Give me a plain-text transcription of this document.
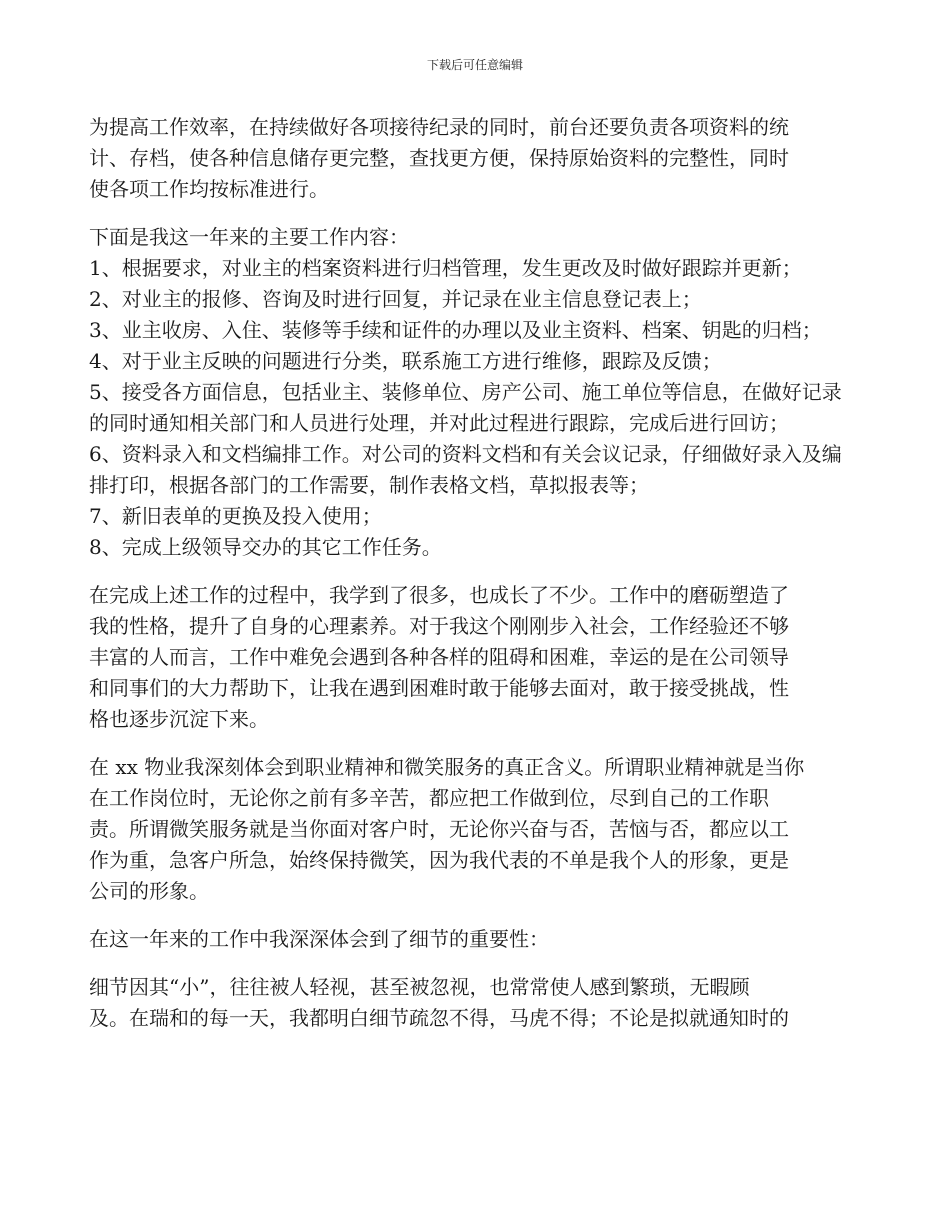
下载后可任意编辑

为提高工作效率，在持续做好各项接待纪录的同时，前台还要负责各项资料的统

计、存档，使各种信息储存更完整，查找更方便，保持原始资料的完整性，同时

使各项工作均按标准进行。

下面是我这一年来的主要工作内容：

1、根据要求，对业主的档案资料进行归档管理，发生更改及时做好跟踪并更新；

2、对业主的报修、咨询及时进行回复，并记录在业主信息登记表上；

3、业主收房、入住、装修等手续和证件的办理以及业主资料、档案、钥匙的归档；

4、对于业主反映的问题进行分类，联系施工方进行维修，跟踪及反馈；

5、接受各方面信息，包括业主、装修单位、房产公司、施工单位等信息，在做好记录的同时通知相关部门和人员进行处理，并对此过程进行跟踪，完成后进行回访；

6、资料录入和文档编排工作。对公司的资料文档和有关会议记录，仔细做好录入及编排打印，根据各部门的工作需要，制作表格文档，草拟报表等；

7、新旧表单的更换及投入使用；

8、完成上级领导交办的其它工作任务。

在完成上述工作的过程中，我学到了很多，也成长了不少。工作中的磨砺塑造了

我的性格，提升了自身的心理素养。对于我这个刚刚步入社会，工作经验还不够

丰富的人而言，工作中难免会遇到各种各样的阻碍和困难，幸运的是在公司领导

和同事们的大力帮助下，让我在遇到困难时敢于能够去面对，敢于接受挑战，性

格也逐步沉淀下来。

在 xx 物业我深刻体会到职业精神和微笑服务的真正含义。所谓职业精神就是当你

在工作岗位时，无论你之前有多辛苦，都应把工作做到位，尽到自己的工作职

责。所谓微笑服务就是当你面对客户时，无论你兴奋与否，苦恼与否，都应以工

作为重，急客户所急，始终保持微笑，因为我代表的不单是我个人的形象，更是

公司的形象。

在这一年来的工作中我深深体会到了细节的重要性：

细节因其“小”，往往被人轻视，甚至被忽视，也常常使人感到繁琐，无暇顾

及。在瑞和的每一天，我都明白细节疏忽不得，马虎不得；不论是拟就通知时的
